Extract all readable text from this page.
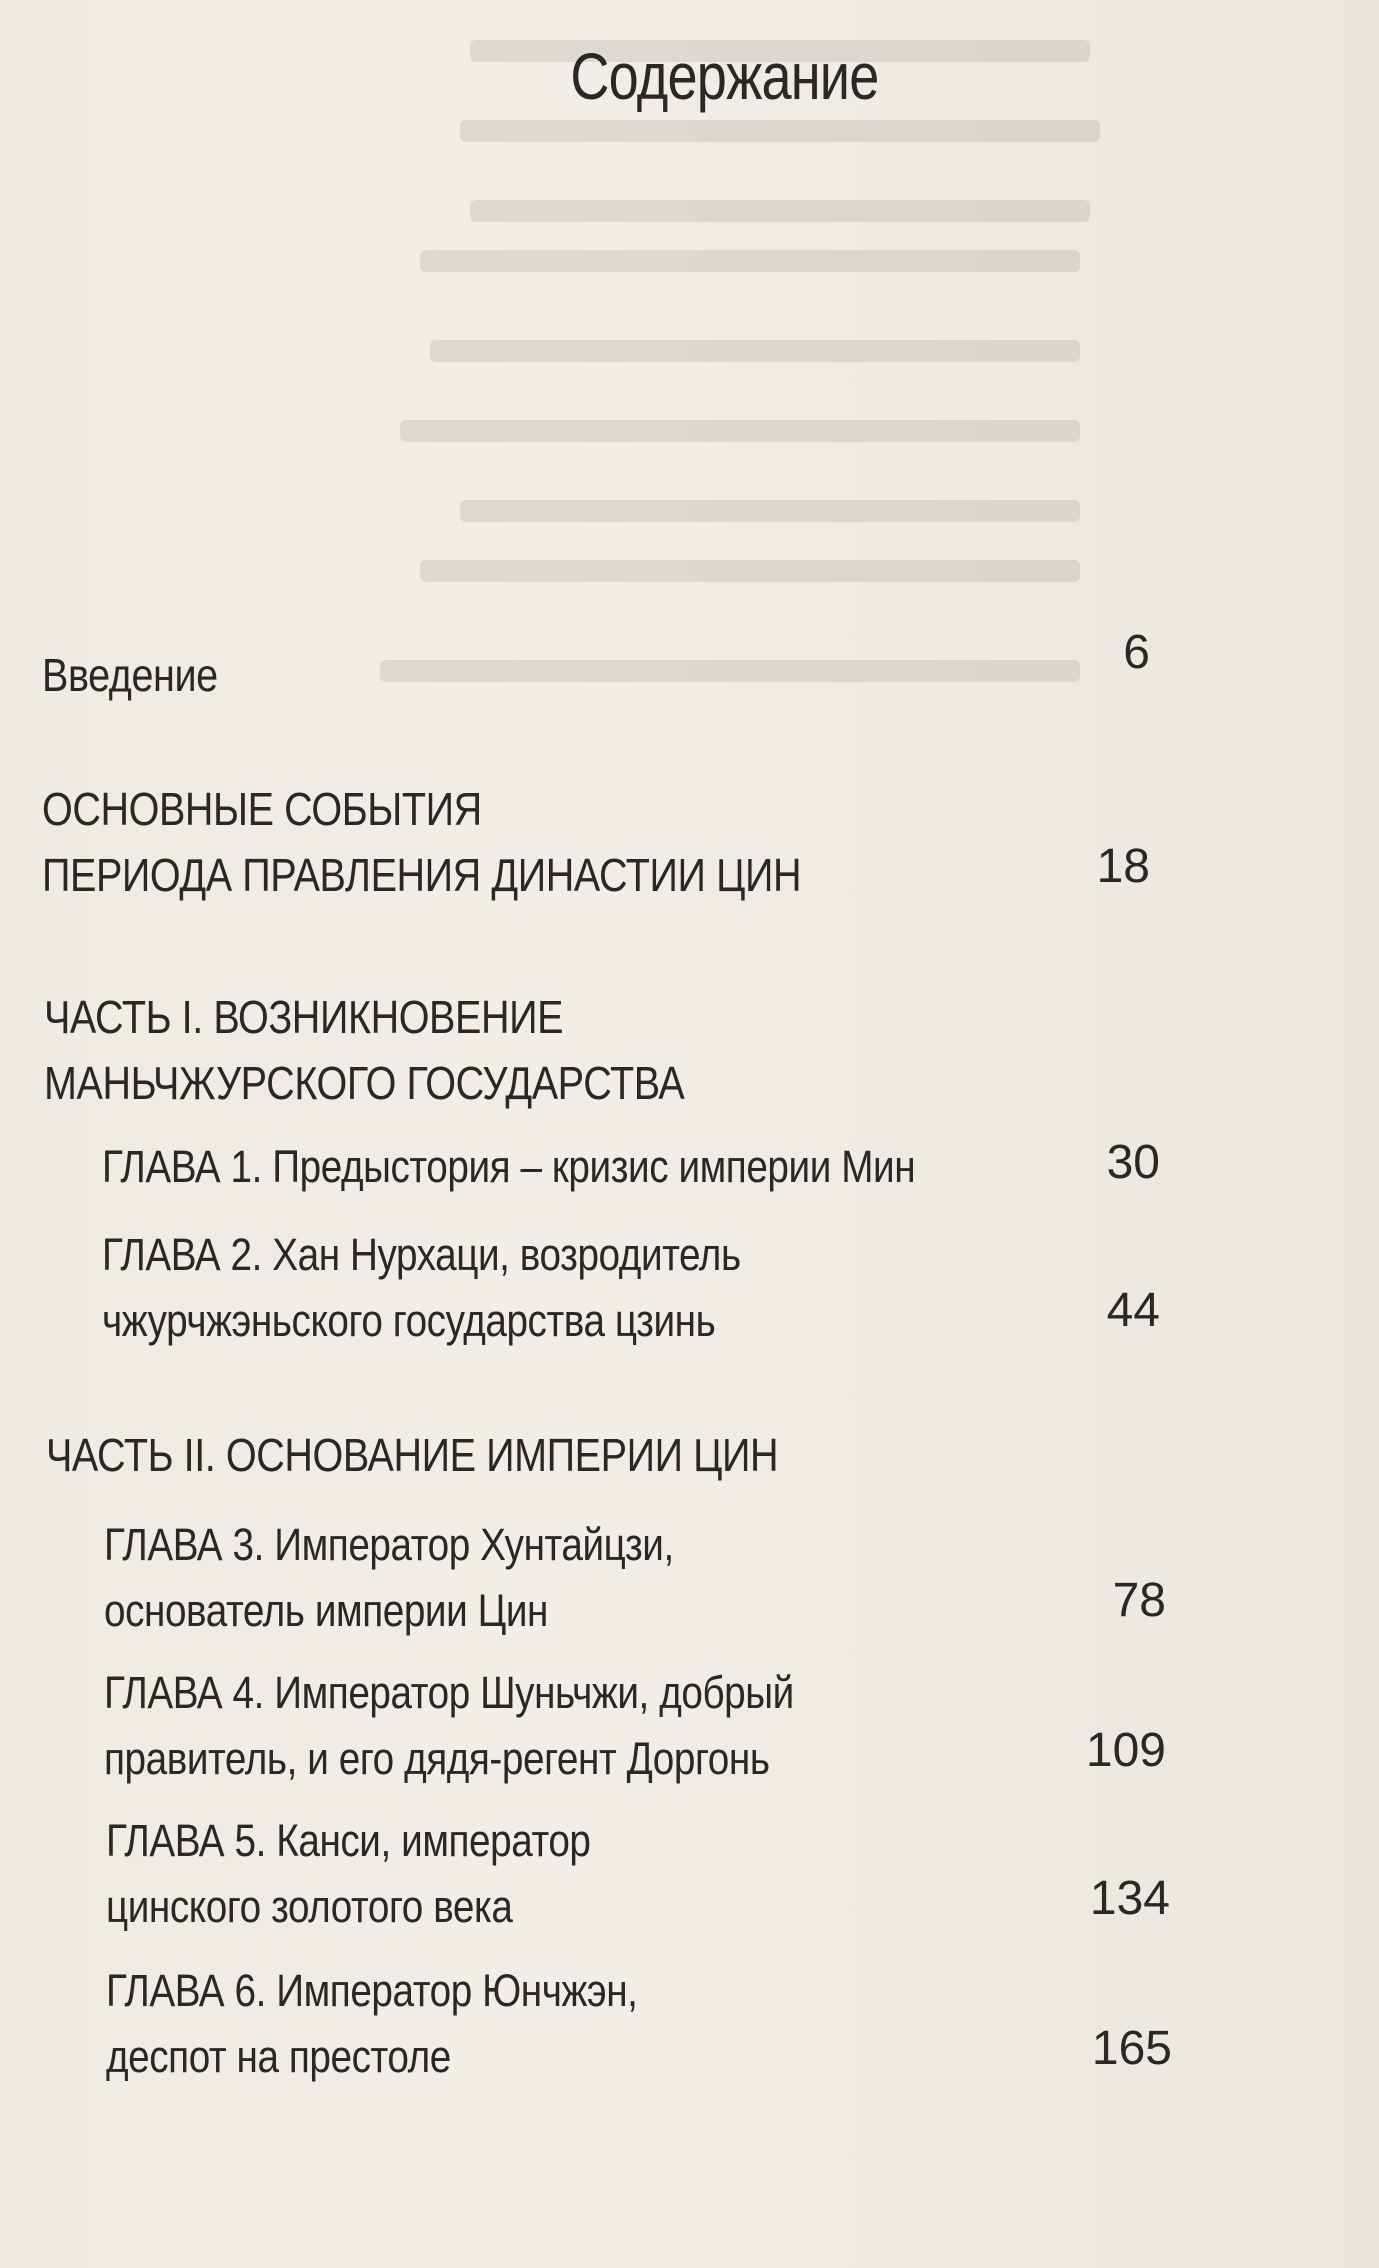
Содержание
Введение	6
ОСНОВНЫЕ СОБЫТИЯ
ПЕРИОДА ПРАВЛЕНИЯ ДИНАСТИИ ЦИН	18
ЧАСТЬ I. ВОЗНИКНОВЕНИЕ
МАНЬЧЖУРСКОГО ГОСУДАРСТВА
ГЛАВА 1. Предыстория – кризис империи Мин	30
ГЛАВА 2. Хан Нурхаци, возродитель
чжурчжэньского государства цзинь	44
ЧАСТЬ II. ОСНОВАНИЕ ИМПЕРИИ ЦИН
ГЛАВА 3. Император Хунтайцзи,
основатель империи Цин	78
ГЛАВА 4. Император Шуньчжи, добрый
правитель, и его дядя-регент Доргонь	109
ГЛАВА 5. Канси, император
цинского золотого века	134
ГЛАВА 6. Император Юнчжэн,
деспот на престоле	165
